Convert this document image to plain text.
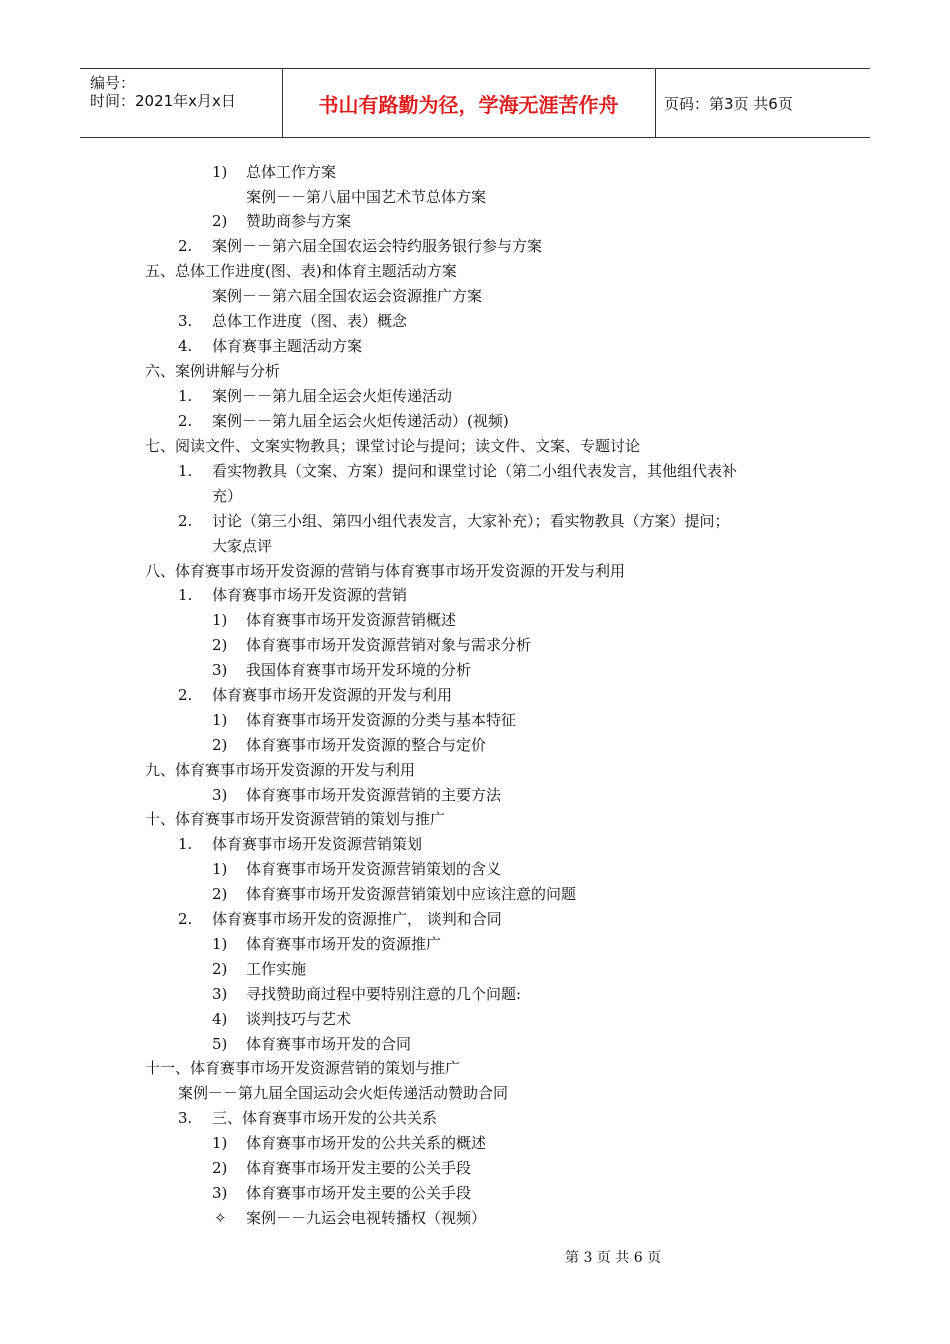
编号：
时间：2021年x月x日	书山有路勤为径，学海无涯苦作舟	页码：第3页 共6页
1) 总体工作方案
案例－－第八届中国艺术节总体方案
2) 赞助商参与方案
2. 案例－－第六届全国农运会特约服务银行参与方案
五、总体工作进度(图、表)和体育主题活动方案
案例－－第六届全国农运会资源推广方案
3. 总体工作进度（图、表）概念
4. 体育赛事主题活动方案
六、案例讲解与分析
1. 案例－－第九届全运会火炬传递活动
2. 案例－－第九届全运会火炬传递活动）(视频)
七、阅读文件、文案实物教具；课堂讨论与提问；读文件、文案、专题讨论
1. 看实物教具（文案、方案）提问和课堂讨论（第二小组代表发言，其他组代表补
充）
2. 讨论（第三小组、第四小组代表发言，大家补充）；看实物教具（方案）提问；
大家点评
八、体育赛事市场开发资源的营销与体育赛事市场开发资源的开发与利用
1. 体育赛事市场开发资源的营销
1) 体育赛事市场开发资源营销概述
2) 体育赛事市场开发资源营销对象与需求分析
3) 我国体育赛事市场开发环境的分析
2. 体育赛事市场开发资源的开发与利用
1) 体育赛事市场开发资源的分类与基本特征
2) 体育赛事市场开发资源的整合与定价
九、体育赛事市场开发资源的开发与利用
3) 体育赛事市场开发资源营销的主要方法
十、体育赛事市场开发资源营销的策划与推广
1. 体育赛事市场开发资源营销策划
1) 体育赛事市场开发资源营销策划的含义
2) 体育赛事市场开发资源营销策划中应该注意的问题
2. 体育赛事市场开发的资源推广， 谈判和合同
1) 体育赛事市场开发的资源推广
2) 工作实施
3) 寻找赞助商过程中要特别注意的几个问题:
4) 谈判技巧与艺术
5) 体育赛事市场开发的合同
十一、体育赛事市场开发资源营销的策划与推广
案例－－第九届全国运动会火炬传递活动赞助合同
3. 三、体育赛事市场开发的公共关系
1) 体育赛事市场开发的公共关系的概述
2) 体育赛事市场开发主要的公关手段
3) 体育赛事市场开发主要的公关手段
✧ 案例－－九运会电视转播权（视频）
第 3 页 共 6 页
